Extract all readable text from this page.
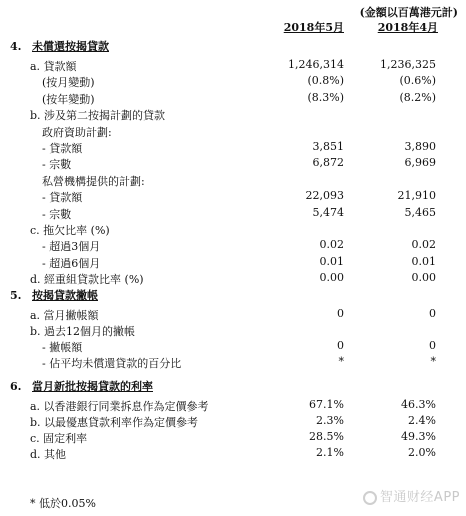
(金額以百萬港元計)
2018年5月	2018年4月
4. 未償還按揭貸款
a. 貸款額	1,246,314	1,236,325
(按月變動)	(0.8%)	(0.6%)
(按年變動)	(8.3%)	(8.2%)
b. 涉及第二按揭計劃的貸款
政府資助計劃:
- 貸款額	3,851	3,890
- 宗數	6,872	6,969
私營機構提供的計劃:
- 貸款額	22,093	21,910
- 宗數	5,474	5,465
c. 拖欠比率 (%)
- 超過3個月	0.02	0.02
- 超過6個月	0.01	0.01
d. 經重組貸款比率 (%)	0.00	0.00
5. 按揭貸款撇帳
a. 當月撇帳額	0	0
b. 過去12個月的撇帳
- 撇帳額	0	0
- 佔平均未償還貸款的百分比	*	*
6. 當月新批按揭貸款的利率
a. 以香港銀行同業拆息作為定價參考	67.1%	46.3%
b. 以最優惠貸款利率作為定價參考	2.3%	2.4%
c. 固定利率	28.5%	49.3%
d. 其他	2.1%	2.0%
* 低於0.05%	智通财经APP
